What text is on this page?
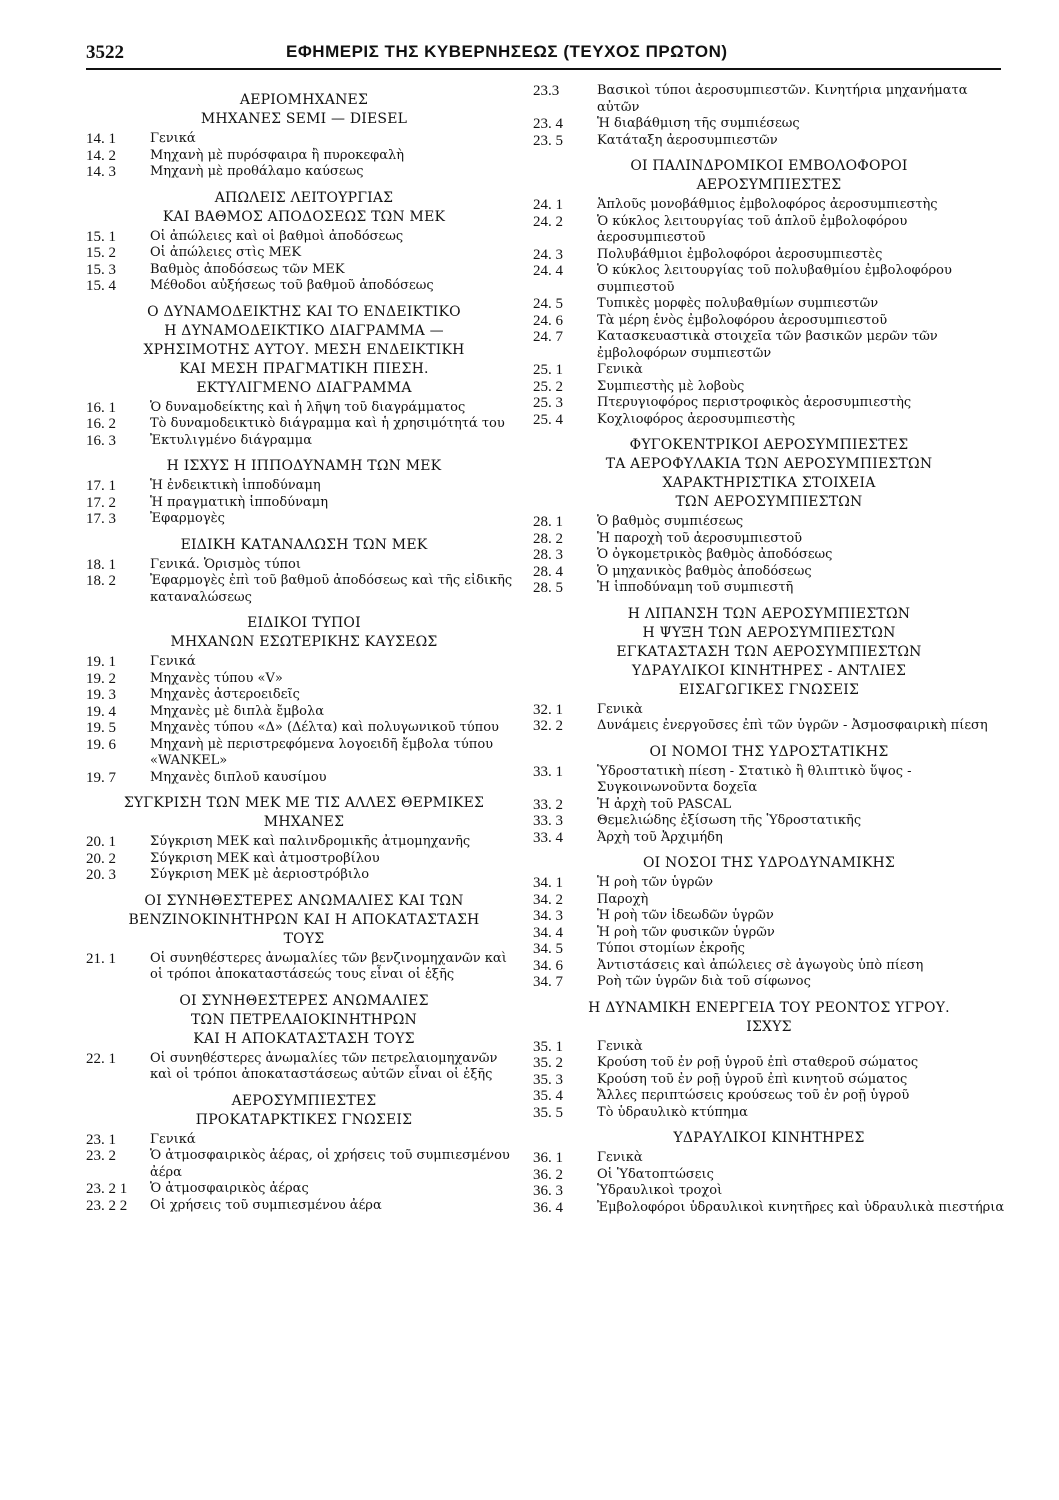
3522	ΕΦΗΜΕΡΙΣ ΤΗΣ ΚΥΒΕΡΝΗΣΕΩΣ (ΤΕΥΧΟΣ ΠΡΩΤΟΝ)
ΑΕΡΙΟΜΗΧΑΝΕΣ
ΜΗΧΑΝΕΣ SEMI — DIESEL
14. 1	Γενικά
14. 2	Μηχανὴ μὲ πυρόσφαιρα ἢ πυροκεφαλὴ
14. 3	Μηχανὴ μὲ προθάλαμο καύσεως
ΑΠΩΛΕΙΣ ΛΕΙΤΟΥΡΓΙΑΣ
ΚΑΙ ΒΑΘΜΟΣ ΑΠΟΔΟΣΕΩΣ ΤΩΝ ΜΕΚ
15. 1	Οἱ ἀπώλειες καὶ οἱ βαθμοὶ ἀποδόσεως
15. 2	Οἱ ἀπώλειες στὶς ΜΕΚ
15. 3	Βαθμὸς ἀποδόσεως τῶν ΜΕΚ
15. 4	Μέθοδοι αὐξήσεως τοῦ βαθμοῦ ἀποδόσεως
Ο ΔΥΝΑΜΟΔΕΙΚΤΗΣ ΚΑΙ ΤΟ ΕΝΔΕΙΚΤΙΚΟ
Η ΔΥΝΑΜΟΔΕΙΚΤΙΚΟ ΔΙΑΓΡΑΜΜΑ —
ΧΡΗΣΙΜΟΤΗΣ ΑΥΤΟΥ. ΜΕΣΗ ΕΝΔΕΙΚΤΙΚΗ
ΚΑΙ ΜΕΣΗ ΠΡΑΓΜΑΤΙΚΗ ΠΙΕΣΗ.
ΕΚΤΥΛΙΓΜΕΝΟ ΔΙΑΓΡΑΜΜΑ
16. 1	Ὁ δυναμοδείκτης καὶ ἡ λῆψη τοῦ διαγράμματος
16. 2	Τὸ δυναμοδεικτικὸ διάγραμμα καὶ ἡ χρησιμότητά του
16. 3	Ἐκτυλιγμένο διάγραμμα
Η ΙΣΧΥΣ Η ΙΠΠΟΔΥΝΑΜΗ ΤΩΝ ΜΕΚ
17. 1	Ἡ ἐνδεικτικὴ ἱπποδύναμη
17. 2	Ἡ πραγματικὴ ἱπποδύναμη
17. 3	Ἐφαρμογὲς
ΕΙΔΙΚΗ ΚΑΤΑΝΑΛΩΣΗ ΤΩΝ ΜΕΚ
18. 1	Γενικά. Ὁρισμὸς τύποι
18. 2	Ἐφαρμογὲς ἐπὶ τοῦ βαθμοῦ ἀποδόσεως καὶ τῆς εἰδικῆς καταναλώσεως
ΕΙΔΙΚΟΙ ΤΥΠΟΙ
ΜΗΧΑΝΩΝ ΕΣΩΤΕΡΙΚΗΣ ΚΑΥΣΕΩΣ
19. 1	Γενικά
19. 2	Μηχανὲς τύπου «V»
19. 3	Μηχανὲς ἀστεροειδεῖς
19. 4	Μηχανὲς μὲ διπλὰ ἔμβολα
19. 5	Μηχανὲς τύπου «Δ» (Δέλτα) καὶ πολυγωνικοῦ τύπου
19. 6	Μηχανὴ μὲ περιστρεφόμενα λογοειδῆ ἔμβολα τύπου «WANKEL»
19. 7	Μηχανὲς διπλοῦ καυσίμου
ΣΥΓΚΡΙΣΗ ΤΩΝ ΜΕΚ ΜΕ ΤΙΣ ΑΛΛΕΣ ΘΕΡΜΙΚΕΣ
ΜΗΧΑΝΕΣ
20. 1	Σύγκριση ΜΕΚ καὶ παλινδρομικῆς ἀτμομηχανῆς
20. 2	Σύγκριση ΜΕΚ καὶ ἀτμοστροβίλου
20. 3	Σύγκριση ΜΕΚ μὲ ἀεριοστρόβιλο
ΟΙ ΣΥΝΗΘΕΣΤΕΡΕΣ ΑΝΩΜΑΛΙΕΣ ΚΑΙ ΤΩΝ
ΒΕΝΖΙΝΟΚΙΝΗΤΗΡΩΝ ΚΑΙ Η ΑΠΟΚΑΤΑΣΤΑΣΗ
ΤΟΥΣ
21. 1	Οἱ συνηθέστερες ἀνωμαλίες τῶν βενζινομηχανῶν καὶ οἱ τρόποι ἀποκαταστάσεώς τους εἶναι οἱ ἑξῆς
ΟΙ ΣΥΝΗΘΕΣΤΕΡΕΣ ΑΝΩΜΑΛΙΕΣ
ΤΩΝ ΠΕΤΡΕΛΑΙΟΚΙΝΗΤΗΡΩΝ
ΚΑΙ Η ΑΠΟΚΑΤΑΣΤΑΣΗ ΤΟΥΣ
22. 1	Οἱ συνηθέστερες ἀνωμαλίες τῶν πετρελαιομηχανῶν καὶ οἱ τρόποι ἀποκαταστάσεως αὐτῶν εἶναι οἱ ἑξῆς
ΑΕΡΟΣΥΜΠΙΕΣΤΕΣ
ΠΡΟΚΑΤΑΡΚΤΙΚΕΣ ΓΝΩΣΕΙΣ
23. 1	Γενικά
23. 2	Ὁ ἀτμοσφαιρικὸς ἀέρας, οἱ χρήσεις τοῦ συμπιεσμένου ἀέρα
23. 2 1	Ὁ ἀτμοσφαιρικὸς ἀέρας
23. 2 2	Οἱ χρήσεις τοῦ συμπιεσμένου ἀέρα
23.3	Βασικοὶ τύποι ἀεροσυμπιεστῶν. Κινητήρια μηχανήματα αὐτῶν
23. 4	Ἡ διαβάθμιση τῆς συμπιέσεως
23. 5	Κατάταξη ἀεροσυμπιεστῶν
ΟΙ ΠΑΛΙΝΔΡΟΜΙΚΟΙ ΕΜΒΟΛΟΦΟΡΟΙ
ΑΕΡΟΣΥΜΠΙΕΣΤΕΣ
24. 1	Ἁπλοῦς μονοβάθμιος ἐμβολοφόρος ἀεροσυμπιεστὴς
24. 2	Ὁ κύκλος λειτουργίας τοῦ ἁπλοῦ ἐμβολοφόρου ἀεροσυμπιεστοῦ
24. 3	Πολυβάθμιοι ἐμβολοφόροι ἀεροσυμπιεστὲς
24. 4	Ὁ κύκλος λειτουργίας τοῦ πολυβαθμίου ἐμβολοφόρου συμπιεστοῦ
24. 5	Τυπικὲς μορφὲς πολυβαθμίων συμπιεστῶν
24. 6	Τὰ μέρη ἑνὸς ἐμβολοφόρου ἀεροσυμπιεστοῦ
24. 7	Κατασκευαστικὰ στοιχεῖα τῶν βασικῶν μερῶν τῶν ἐμβολοφόρων συμπιεστῶν
25. 1	Γενικὰ
25. 2	Συμπιεστὴς μὲ λοβοὺς
25. 3	Πτερυγιοφόρος περιστροφικὸς ἀεροσυμπιεστὴς
25. 4	Κοχλιοφόρος ἀεροσυμπιεστὴς
ΦΥΓΟΚΕΝΤΡΙΚΟΙ ΑΕΡΟΣΥΜΠΙΕΣΤΕΣ
ΤΑ ΑΕΡΟΦΥΛΑΚΙΑ ΤΩΝ ΑΕΡΟΣΥΜΠΙΕΣΤΩΝ
ΧΑΡΑΚΤΗΡΙΣΤΙΚΑ ΣΤΟΙΧΕΙΑ
ΤΩΝ ΑΕΡΟΣΥΜΠΙΕΣΤΩΝ
28. 1	Ὁ βαθμὸς συμπιέσεως
28. 2	Ἡ παροχὴ τοῦ ἀεροσυμπιεστοῦ
28. 3	Ὁ ὀγκομετρικὸς βαθμὸς ἀποδόσεως
28. 4	Ὁ μηχανικὸς βαθμὸς ἀποδόσεως
28. 5	Ἡ ἱπποδύναμη τοῦ συμπιεστῆ
Η ΛΙΠΑΝΣΗ ΤΩΝ ΑΕΡΟΣΥΜΠΙΕΣΤΩΝ
Η ΨΥΞΗ ΤΩΝ ΑΕΡΟΣΥΜΠΙΕΣΤΩΝ
ΕΓΚΑΤΑΣΤΑΣΗ ΤΩΝ ΑΕΡΟΣΥΜΠΙΕΣΤΩΝ
ΥΔΡΑΥΛΙΚΟΙ ΚΙΝΗΤΗΡΕΣ - ΑΝΤΛΙΕΣ
ΕΙΣΑΓΩΓΙΚΕΣ ΓΝΩΣΕΙΣ
32. 1	Γενικὰ
32. 2	Δυνάμεις ἐνεργοῦσες ἐπὶ τῶν ὑγρῶν - Ἀσμοσφαιρικὴ πίεση
ΟΙ ΝΟΜΟΙ ΤΗΣ ΥΔΡΟΣΤΑΤΙΚΗΣ
33. 1	Ὑδροστατικὴ πίεση - Στατικὸ ἢ θλιπτικὸ ὕψος - Συγκοινωνοῦντα δοχεῖα
33. 2	Ἡ ἀρχὴ τοῦ PASCAL
33. 3	Θεμελιώδης ἐξίσωση τῆς Ὑδροστατικῆς
33. 4	Ἀρχὴ τοῦ Ἀρχιμήδη
ΟΙ ΝΟΣΟΙ ΤΗΣ ΥΔΡΟΔΥΝΑΜΙΚΗΣ
34. 1	Ἡ ροὴ τῶν ὑγρῶν
34. 2	Παροχὴ
34. 3	Ἡ ροὴ τῶν ἰδεωδῶν ὑγρῶν
34. 4	Ἡ ροὴ τῶν φυσικῶν ὑγρῶν
34. 5	Τύποι στομίων ἐκροῆς
34. 6	Ἀντιστάσεις καὶ ἀπώλειες σὲ ἀγωγοὺς ὑπὸ πίεση
34. 7	Ροὴ τῶν ὑγρῶν διὰ τοῦ σίφωνος
Η ΔΥΝΑΜΙΚΗ ΕΝΕΡΓΕΙΑ ΤΟΥ ΡΕΟΝΤΟΣ ΥΓΡΟΥ.
ΙΣΧΥΣ
35. 1	Γενικὰ
35. 2	Κρούση τοῦ ἐν ροῇ ὑγροῦ ἐπὶ σταθεροῦ σώματος
35. 3	Κρούση τοῦ ἐν ροῇ ὑγροῦ ἐπὶ κινητοῦ σώματος
35. 4	Ἄλλες περιπτώσεις κρούσεως τοῦ ἐν ροῇ ὑγροῦ
35. 5	Τὸ ὑδραυλικὸ κτύπημα
ΥΔΡΑΥΛΙΚΟΙ ΚΙΝΗΤΗΡΕΣ
36. 1	Γενικὰ
36. 2	Οἱ Ὑδατοπτώσεις
36. 3	Ὑδραυλικοὶ τροχοὶ
36. 4	Ἐμβολοφόροι ὑδραυλικοὶ κινητῆρες καὶ ὑδραυλικὰ πιεστήρια
